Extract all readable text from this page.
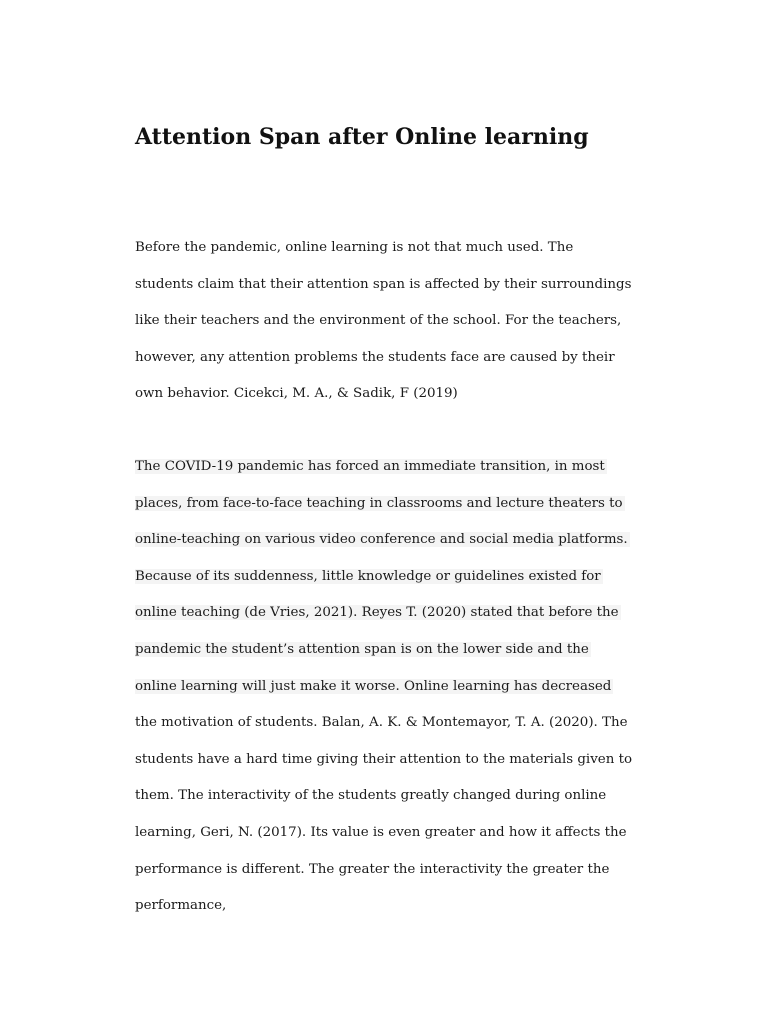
Attention Span after Online learning
Before the pandemic, online learning is not that much used. The
students claim that their attention span is affected by their surroundings
like their teachers and the environment of the school. For the teachers,
however, any attention problems the students face are caused by their
own behavior. Cicekci, M. A., & Sadik, F (2019)
The COVID-19 pandemic has forced an immediate transition, in most
places, from face-to-face teaching in classrooms and lecture theaters to
online-teaching on various video conference and social media platforms.
Because of its suddenness, little knowledge or guidelines existed for
online teaching (de Vries, 2021). Reyes T. (2020) stated that before the
pandemic the student’s attention span is on the lower side and the
online learning will just make it worse. Online learning has decreased
the motivation of students. Balan, A. K. & Montemayor, T. A. (2020). The
students have a hard time giving their attention to the materials given to
them. The interactivity of the students greatly changed during online
learning, Geri, N. (2017). Its value is even greater and how it affects the
performance is different. The greater the interactivity the greater the
performance,
